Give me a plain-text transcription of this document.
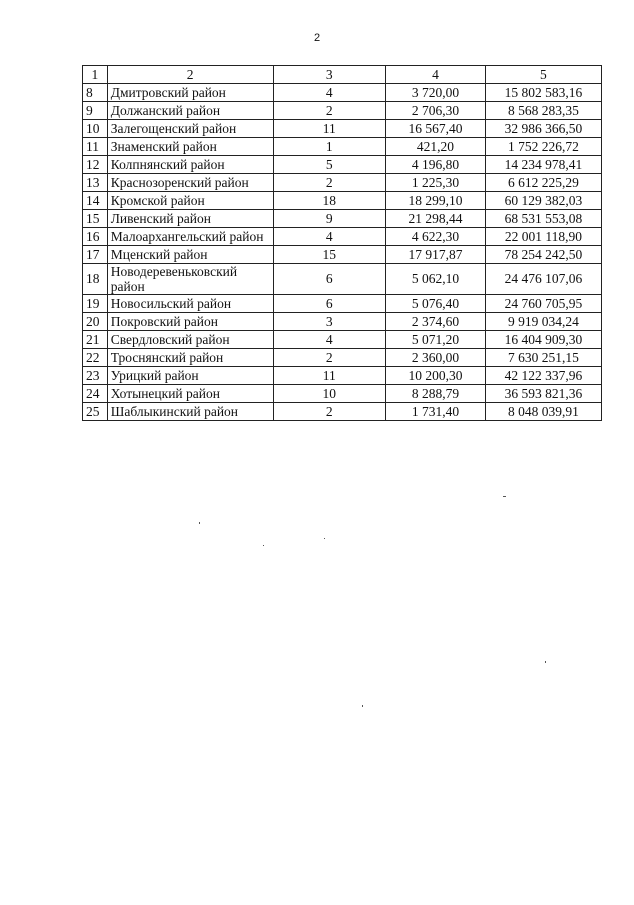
2
1	2	3	4	5
8	Дмитровский район	4	3 720,00	15 802 583,16
9	Должанский район	2	2 706,30	8 568 283,35
10	Залегощенский район	11	16 567,40	32 986 366,50
11	Знаменский район	1	421,20	1 752 226,72
12	Колпнянский район	5	4 196,80	14 234 978,41
13	Краснозоренский район	2	1 225,30	6 612 225,29
14	Кромской район	18	18 299,10	60 129 382,03
15	Ливенский район	9	21 298,44	68 531 553,08
16	Малоархангельский район	4	4 622,30	22 001 118,90
17	Мценский район	15	17 917,87	78 254 242,50
18	Новодеревеньковский район	6	5 062,10	24 476 107,06
19	Новосильский район	6	5 076,40	24 760 705,95
20	Покровский район	3	2 374,60	9 919 034,24
21	Свердловский район	4	5 071,20	16 404 909,30
22	Троснянский район	2	2 360,00	7 630 251,15
23	Урицкий район	11	10 200,30	42 122 337,96
24	Хотынецкий район	10	8 288,79	36 593 821,36
25	Шаблыкинский район	2	1 731,40	8 048 039,91
